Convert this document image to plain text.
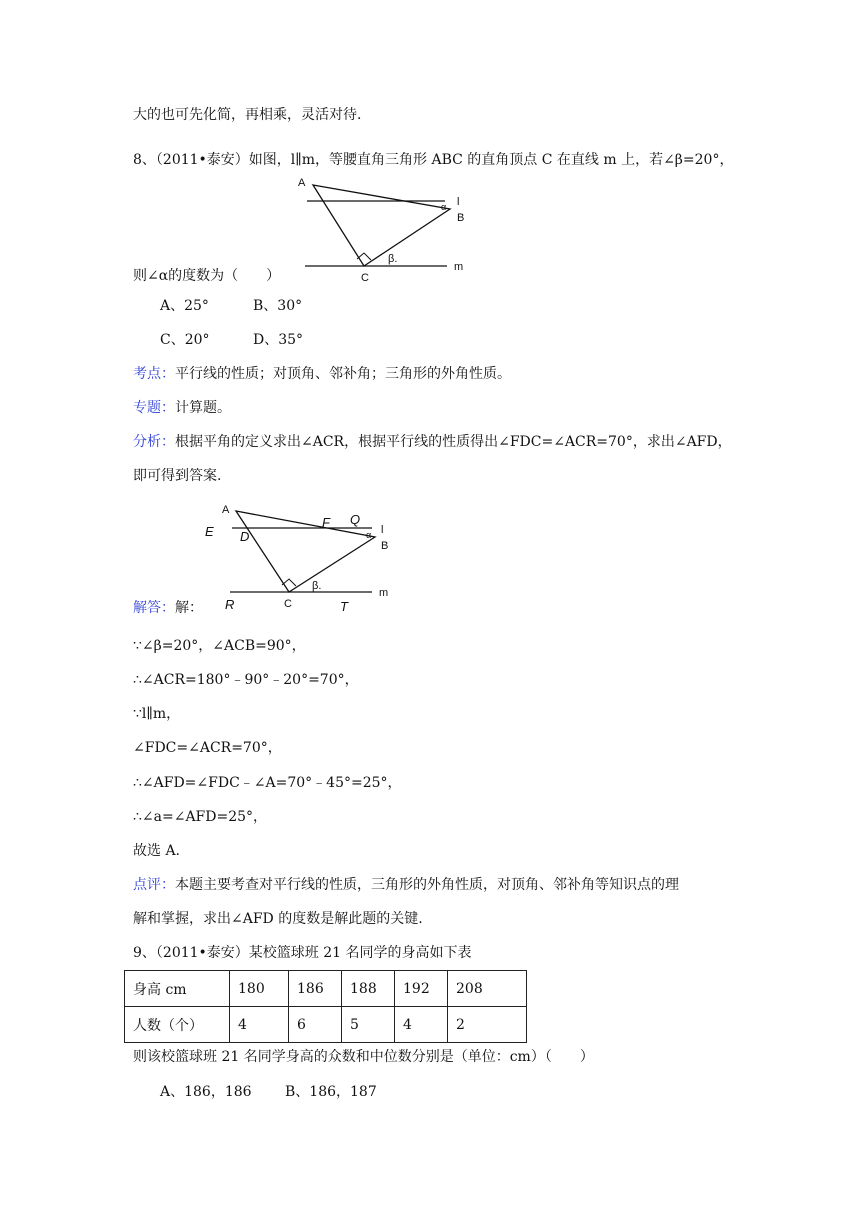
大的也可先化简，再相乘，灵活对待.
8、（2011•泰安）如图，l∥m，等腰直角三角形 ABC 的直角顶点 C 在直线 m 上，若∠β=20°，
A
l
B
α
C
β.
m
则∠α的度数为（　　）
A、25°	B、30°
C、20°	D、35°
考点：平行线的性质；对顶角、邻补角；三角形的外角性质。
专题：计算题。
分析：根据平角的定义求出∠ACR，根据平行线的性质得出∠FDC=∠ACR=70°，求出∠AFD，
即可得到答案.
A
E D
F Q
l
α
B
β.
m
R	C	T
解答：解：
∵∠β=20°，∠ACB=90°，
∴∠ACR=180°﹣90°﹣20°=70°，
∵l∥m，
∠FDC=∠ACR=70°，
∴∠AFD=∠FDC﹣∠A=70°﹣45°=25°，
∴∠a=∠AFD=25°，
故选 A.
点评：本题主要考查对平行线的性质，三角形的外角性质，对顶角、邻补角等知识点的理
解和掌握，求出∠AFD 的度数是解此题的关键.
9、（2011•泰安）某校篮球班 21 名同学的身高如下表
身高 cm	180	186	188	192	208
人数（个）	4	6	5	4	2
则该校篮球班 21 名同学身高的众数和中位数分别是（单位：cm）（　　）
A、186，186 B、186，187
